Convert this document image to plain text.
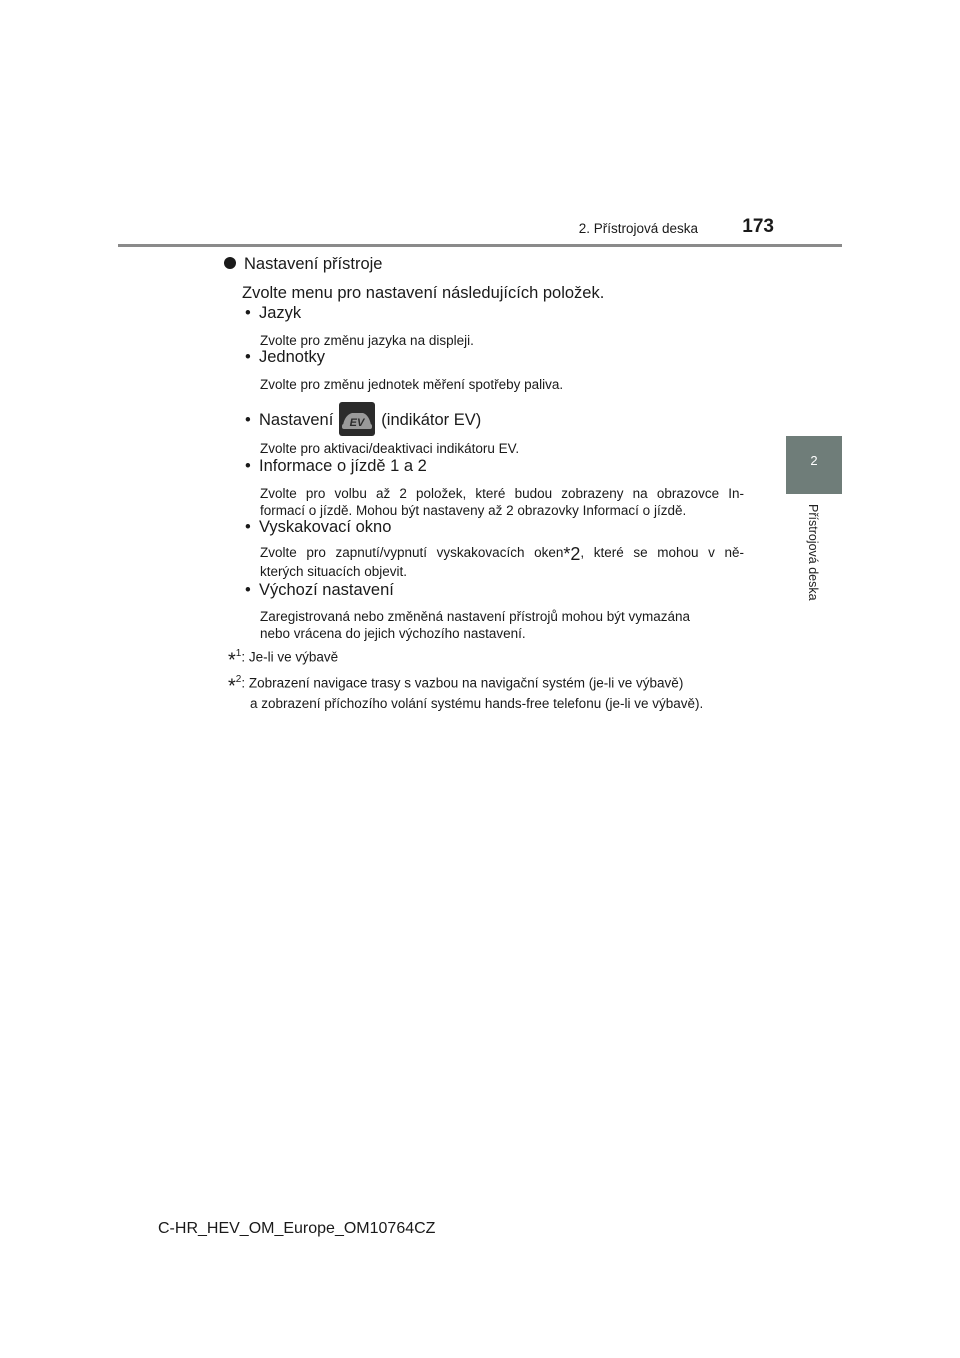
2. Přístrojová deska 173
2
Přístrojová deska
Nastavení přístroje
Zvolte menu pro nastavení následujících položek.
• Jazyk
Zvolte pro změnu jazyka na displeji.
• Jednotky
Zvolte pro změnu jednotek měření spotřeby paliva.
• Nastavení EV (indikátor EV)
Zvolte pro aktivaci/deaktivaci indikátoru EV.
• Informace o jízdě 1 a 2
Zvolte pro volbu až 2 položek, které budou zobrazeny na obrazovce In-
formací o jízdě. Mohou být nastaveny až 2 obrazovky Informací o jízdě.
• Vyskakovací okno
Zvolte pro zapnutí/vypnutí vyskakovacích oken$^{*2}$, které se mohou v ně-
kterých situacích objevit.
• Výchozí nastavení
Zaregistrovaná nebo změněná nastavení přístrojů mohou být vymazána
nebo vrácena do jejich výchozího nastavení.
*$^1$: Je-li ve výbavě
*$^2$: Zobrazení navigace trasy s vazbou na navigační systém (je-li ve výbavě)
a zobrazení příchozího volání systému hands-free telefonu (je-li ve výbavě).
C-HR_HEV_OM_Europe_OM10764CZ
